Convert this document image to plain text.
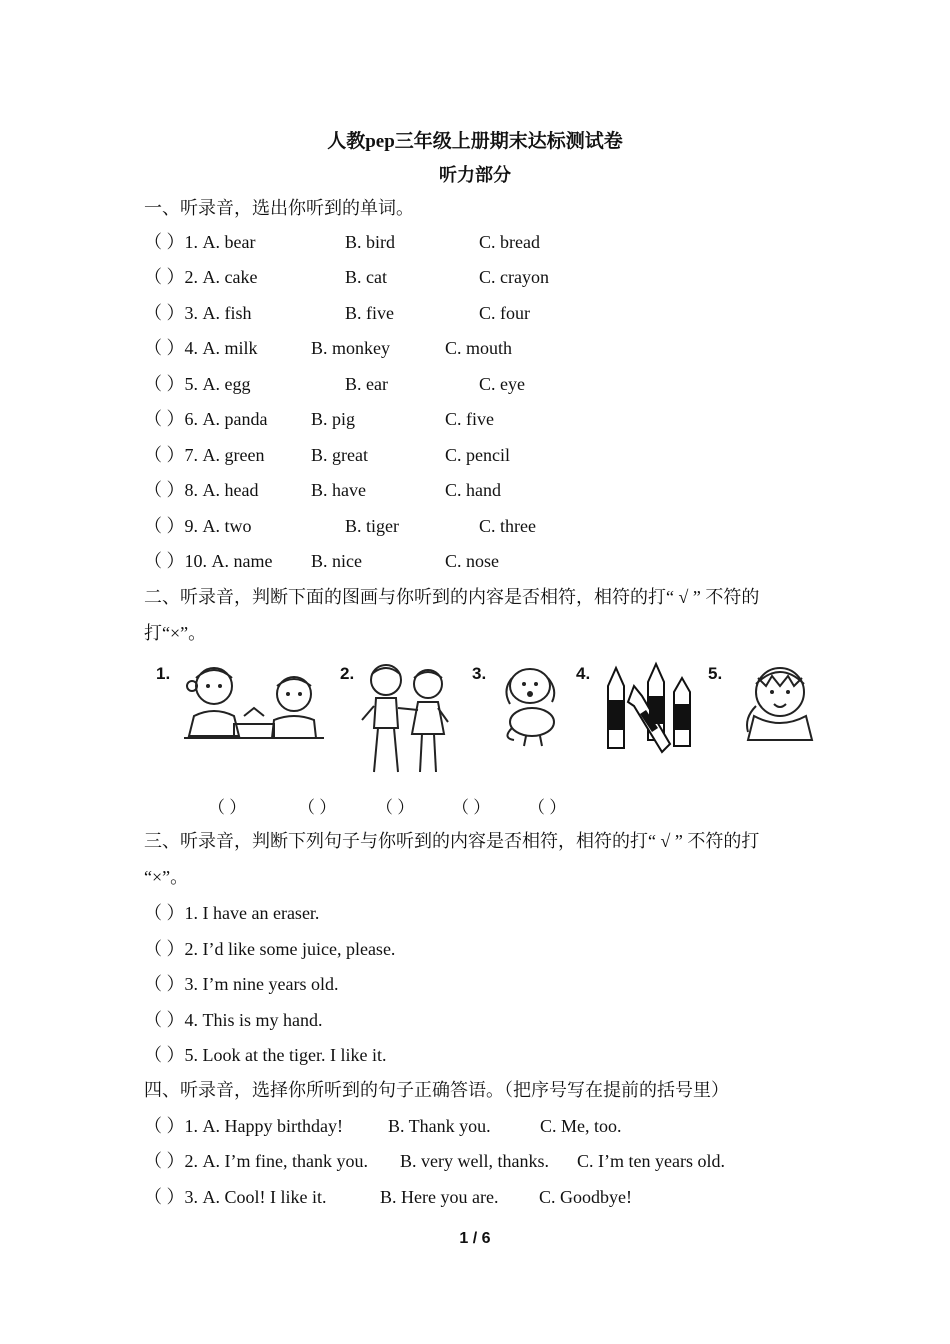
人教pep三年级上册期末达标测试卷
听力部分
一、听录音，选出你听到的单词。
（ ）1. A. bear	B. bird	C. bread
（ ）2. A. cake	B. cat	C. crayon
（ ）3. A. fish	B. five	C. four
（ ）4. A. milk	B. monkey	C. mouth
（ ）5. A. egg	B. ear	C. eye
（ ）6. A. panda B. pig	C. five
（ ）7. A. green	B. great	C. pencil
（ ）8. A. head	B. have	C. hand
（ ）9. A. two	B. tiger	C. three
（ ）10. A. name B. nice	C. nose
二、听录音，判断下面的图画与你听到的内容是否相符，相符的打“ √ ” 不符的
打“×”。
1.	2.	3.	4.	5.
（ ）	（ ） （ ） （ ） （ ）
三、听录音，判断下列句子与你听到的内容是否相符，相符的打“ √ ” 不符的打
“×”。
（ ）1. I have an eraser.
（ ）2. I’d like some juice, please.
（ ）3. I’m nine years old.
（ ）4. This is my hand.
（ ）5. Look at the tiger. I like it.
四、听录音，选择你所听到的句子正确答语。（把序号写在提前的括号里）
（ ）1. A. Happy birthday!	B. Thank you.	C. Me, too.
（ ）2. A. I’m fine, thank you. B. very well, thanks. C. I’m ten years old.
（ ）3. A. Cool! I like it.	B. Here you are. C. Goodbye!
1 / 6
